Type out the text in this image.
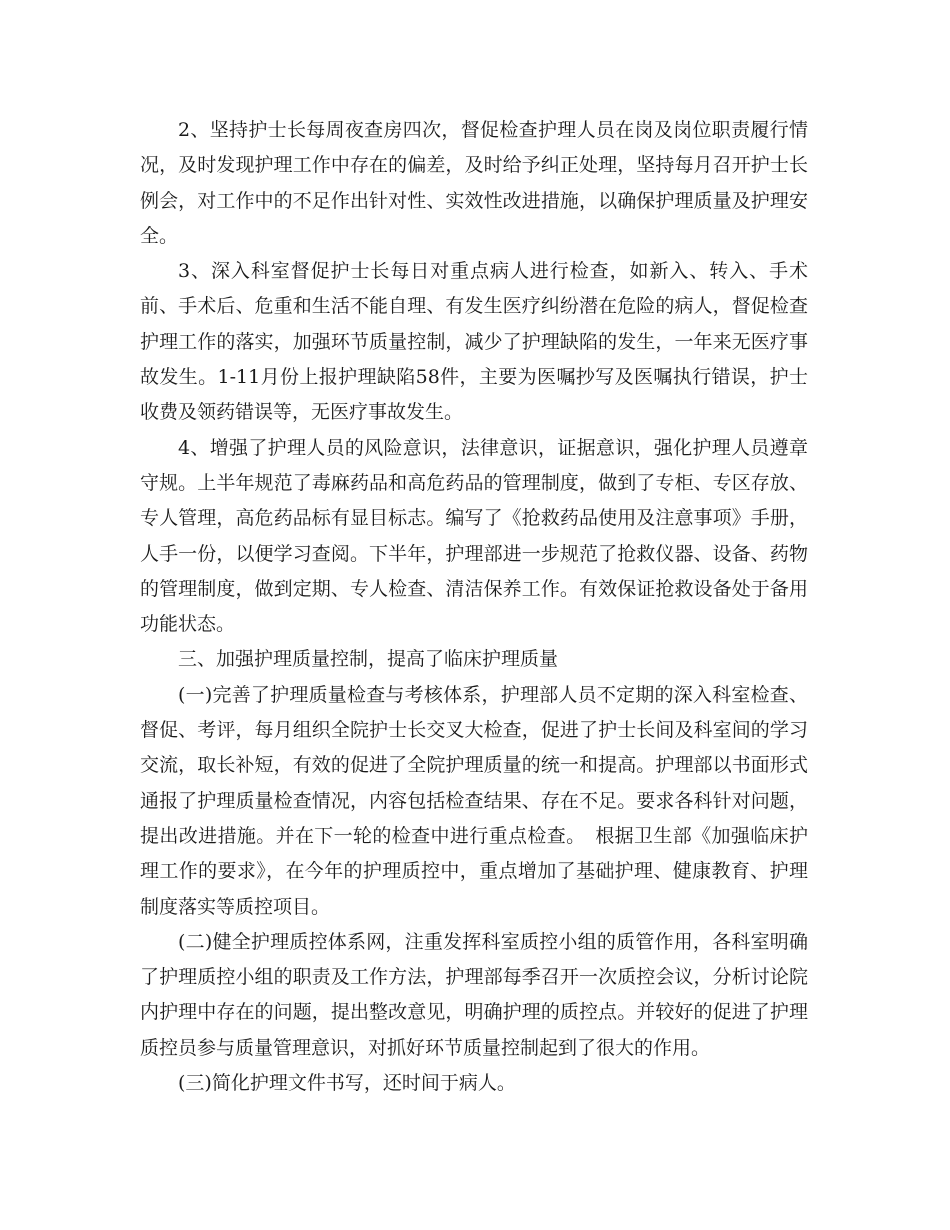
2、坚持护士长每周夜查房四次，督促检查护理人员在岗及岗位职责履行情况，及时发现护理工作中存在的偏差，及时给予纠正处理，坚持每月召开护士长例会，对工作中的不足作出针对性、实效性改进措施，以确保护理质量及护理安全。

3、深入科室督促护士长每日对重点病人进行检查，如新入、转入、手术前、手术后、危重和生活不能自理、有发生医疗纠纷潜在危险的病人，督促检查护理工作的落实，加强环节质量控制，减少了护理缺陷的发生，一年来无医疗事故发生。1-11月份上报护理缺陷58件，主要为医嘱抄写及医嘱执行错误，护士收费及领药错误等，无医疗事故发生。

4、增强了护理人员的风险意识，法律意识，证据意识，强化护理人员遵章守规。上半年规范了毒麻药品和高危药品的管理制度，做到了专柜、专区存放、专人管理，高危药品标有显目标志。编写了《抢救药品使用及注意事项》手册，人手一份，以便学习查阅。下半年，护理部进一步规范了抢救仪器、设备、药物的管理制度，做到定期、专人检查、清洁保养工作。有效保证抢救设备处于备用功能状态。

三、加强护理质量控制，提高了临床护理质量

(一)完善了护理质量检查与考核体系，护理部人员不定期的深入科室检查、督促、考评，每月组织全院护士长交叉大检查，促进了护士长间及科室间的学习交流，取长补短，有效的促进了全院护理质量的统一和提高。护理部以书面形式通报了护理质量检查情况，内容包括检查结果、存在不足。要求各科针对问题，提出改进措施。并在下一轮的检查中进行重点检查。　根据卫生部《加强临床护理工作的要求》，在今年的护理质控中，重点增加了基础护理、健康教育、护理制度落实等质控项目。

(二)健全护理质控体系网，注重发挥科室质控小组的质管作用，各科室明确了护理质控小组的职责及工作方法，护理部每季召开一次质控会议，分析讨论院内护理中存在的问题，提出整改意见，明确护理的质控点。并较好的促进了护理质控员参与质量管理意识，对抓好环节质量控制起到了很大的作用。

(三)简化护理文件书写，还时间于病人。
